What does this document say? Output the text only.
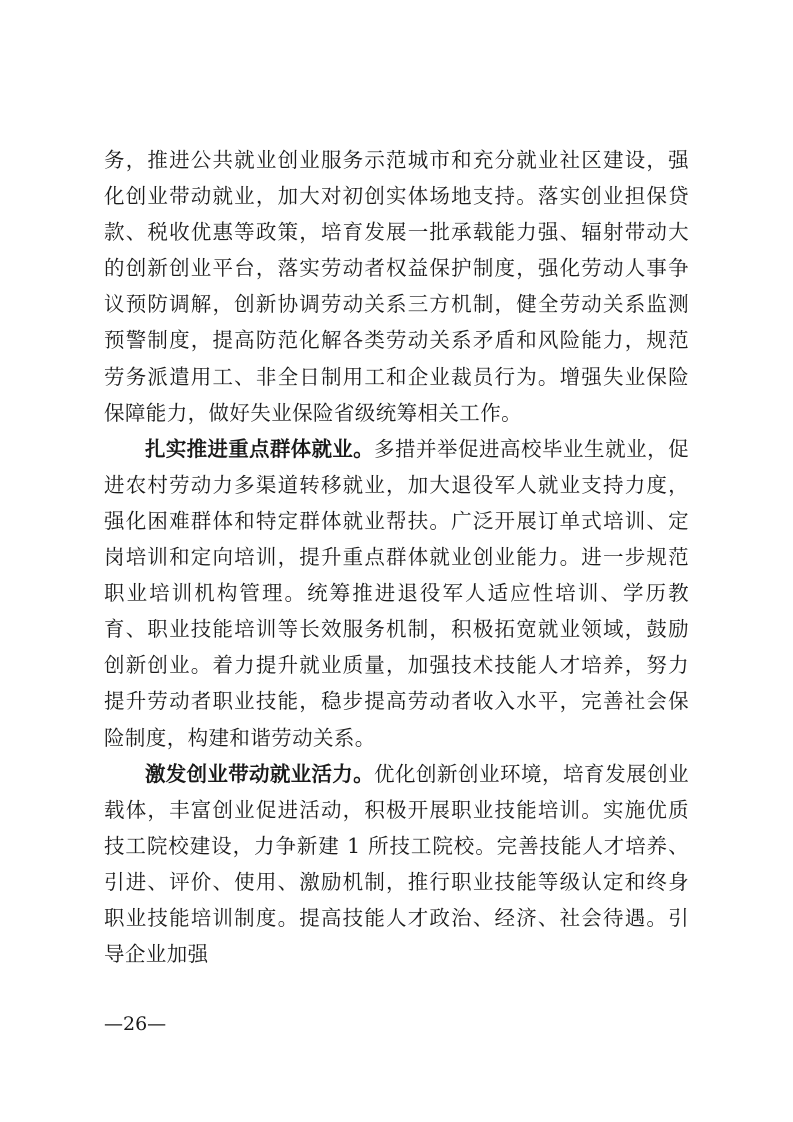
务，推进公共就业创业服务示范城市和充分就业社区建设，强化创业带动就业，加大对初创实体场地支持。落实创业担保贷款、税收优惠等政策，培育发展一批承载能力强、辐射带动大的创新创业平台，落实劳动者权益保护制度，强化劳动人事争议预防调解，创新协调劳动关系三方机制，健全劳动关系监测预警制度，提高防范化解各类劳动关系矛盾和风险能力，规范劳务派遣用工、非全日制用工和企业裁员行为。增强失业保险保障能力，做好失业保险省级统筹相关工作。

扎实推进重点群体就业。多措并举促进高校毕业生就业，促进农村劳动力多渠道转移就业，加大退役军人就业支持力度，强化困难群体和特定群体就业帮扶。广泛开展订单式培训、定岗培训和定向培训，提升重点群体就业创业能力。进一步规范职业培训机构管理。统筹推进退役军人适应性培训、学历教育、职业技能培训等长效服务机制，积极拓宽就业领域，鼓励创新创业。着力提升就业质量，加强技术技能人才培养，努力提升劳动者职业技能，稳步提高劳动者收入水平，完善社会保险制度，构建和谐劳动关系。

激发创业带动就业活力。优化创新创业环境，培育发展创业载体，丰富创业促进活动，积极开展职业技能培训。实施优质技工院校建设，力争新建 1 所技工院校。完善技能人才培养、引进、评价、使用、激励机制，推行职业技能等级认定和终身职业技能培训制度。提高技能人才政治、经济、社会待遇。引导企业加强

—26—
